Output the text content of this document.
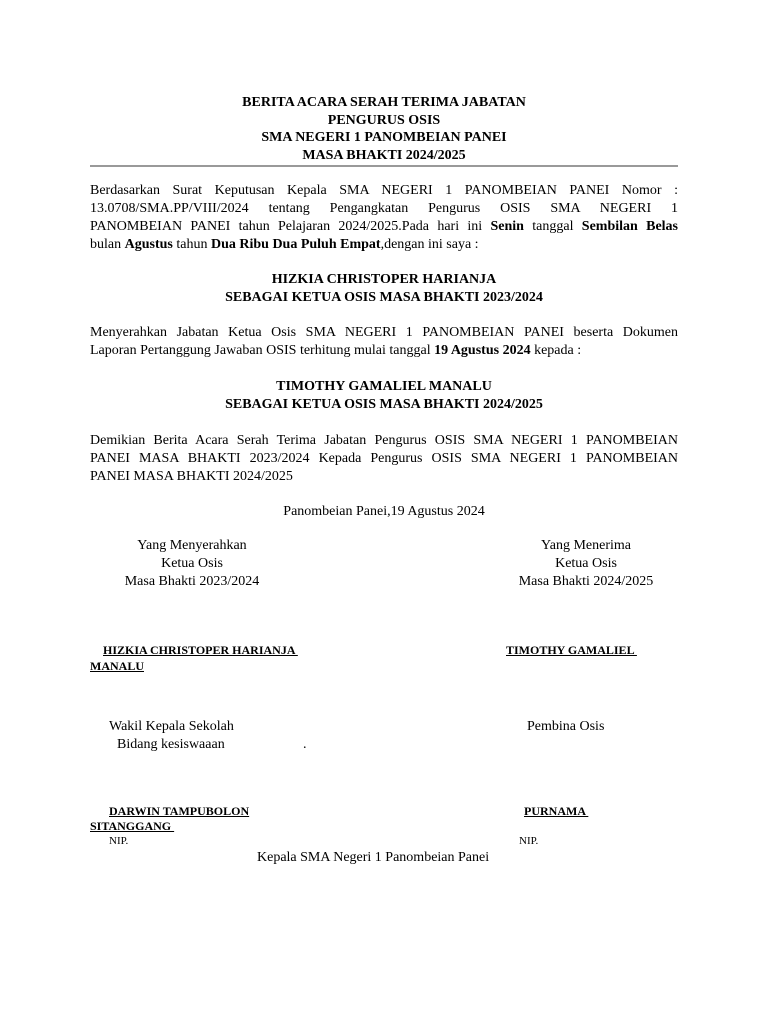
BERITA ACARA SERAH TERIMA JABATAN
PENGURUS OSIS
SMA NEGERI 1 PANOMBEIAN PANEI
MASA BHAKTI 2024/2025
Berdasarkan Surat Keputusan Kepala SMA NEGERI 1 PANOMBEIAN PANEI Nomor :
13.0708/SMA.PP/VIII/2024 tentang Pengangkatan Pengurus OSIS SMA NEGERI 1
PANOMBEIAN PANEI tahun Pelajaran 2024/2025.Pada hari ini Senin tanggal Sembilan Belas
bulan Agustus tahun Dua Ribu Dua Puluh Empat,dengan ini saya :
HIZKIA CHRISTOPER HARIANJA
SEBAGAI KETUA OSIS MASA BHAKTI 2023/2024
Menyerahkan Jabatan Ketua Osis SMA NEGERI 1 PANOMBEIAN PANEI beserta Dokumen
Laporan Pertanggung Jawaban OSIS terhitung mulai tanggal 19 Agustus 2024 kepada :
TIMOTHY GAMALIEL MANALU
SEBAGAI KETUA OSIS MASA BHAKTI 2024/2025
Demikian Berita Acara Serah Terima Jabatan Pengurus OSIS SMA NEGERI 1 PANOMBEIAN
PANEI MASA BHAKTI 2023/2024 Kepada Pengurus OSIS SMA NEGERI 1 PANOMBEIAN
PANEI MASA BHAKTI 2024/2025
Panombeian Panei,19 Agustus 2024
Yang Menyerahkan
Ketua Osis
Masa Bhakti 2023/2024
Yang Menerima
Ketua Osis
Masa Bhakti 2024/2025
HIZKIA CHRISTOPER HARIANJA	TIMOTHY GAMALIEL
MANALU
Wakil Kepala Sekolah
Bidang kesiswaaan	.
Pembina Osis
DARWIN TAMPUBOLON	PURNAMA
SITANGGANG
NIP.	NIP.
Kepala SMA Negeri 1 Panombeian Panei
